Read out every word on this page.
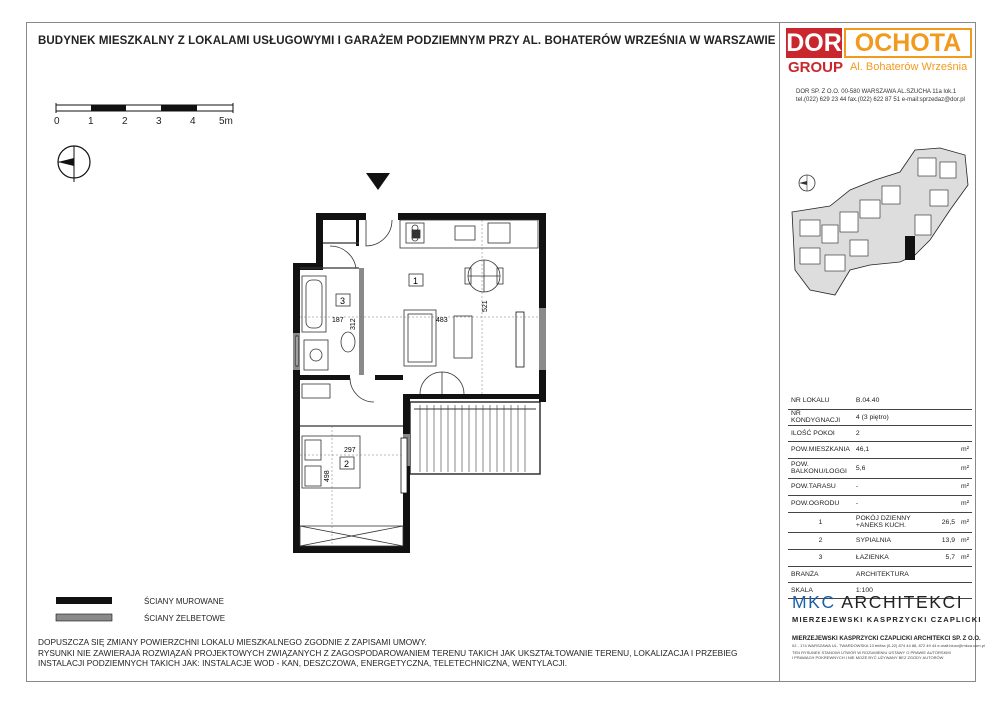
BUDYNEK MIESZKALNY Z LOKALAMI USŁUGOWYMI I GARAŻEM PODZIEMNYM PRZY AL. BOHATERÓW WRZEŚNIA W WARSZAWIE DOR OCHOTA
GROUP Al. Bohaterów Września
DOR SP. Z O.O. 00-580 WARSZAWA AL.SZUCHA 11a lok.1
tel.(022) 629 23 44 fax.(022) 622 87 51 e-mail:sprzedaz@dor.pl
187 312	483
521
297
498
1
3
2
0	1	2	3	4 5m
ŚCIANY MUROWANE
ŚCIANY ŻELBETOWE
DOPUSZCZA SIĘ ZMIANY POWIERZCHNI LOKALU MIESZKALNEGO ZGODNIE Z ZAPISAMI UMOWY.
RYSUNKI NIE ZAWIERAJA ROZWIĄZAŃ PROJEKTOWYCH ZWIĄZANYCH Z ZAGOSPODAROWANIEM TERENU TAKICH JAK UKSZTAŁTOWANIE TERENU, LOKALIZACJA I PRZEBIEG
INSTALACJI PODZIEMNYCH TAKICH JAK: INSTALACJE WOD - KAN, DESZCZOWA, ENERGETYCZNA, TELETECHNICZNA, WENTYLACJI.
NR LOKALU	B.04.40		
NR KONDYGNACJI	4 (3 piętro)		
ILOŚĆ POKOI	2		
POW.MIESZKANIA	46,1		m²
POW. BALKONU/LOGGI	5,6		m²
POW.TARASU	-		m²
POW.OGRODU	-		m²
1	POKÓJ DZIENNY +ANEKS KUCH.	26,5	m²
2	SYPIALNIA	13,9	m²
3	ŁAZIENKA	5,7	m²
BRANŻA	ARCHITEKTURA		
SKALA	1:100		
MKC ARCHITEKCI
MIERZEJEWSKI KASPRZYCKI CZAPLICKI
MIERZEJEWSKI KASPRZYCKI CZAPLICKI ARCHITEKCI SP. Z O.O.
02 - 174 WARSZAWA UL. TWARDOWSKA 13 tel/fax (0-22) 874 44 88, 872 49 44 e-mail:biuro@mkca.com.pl
TEN RYSUNEK STANOWI UTWÓR W ROZUMIENIU USTAWY O PRAWIE AUTORSKIM
I PRAWACH POKREWNYCH I NIE MOŻE BYĆ UŻYWANY BEZ ZGODY AUTORÓW
